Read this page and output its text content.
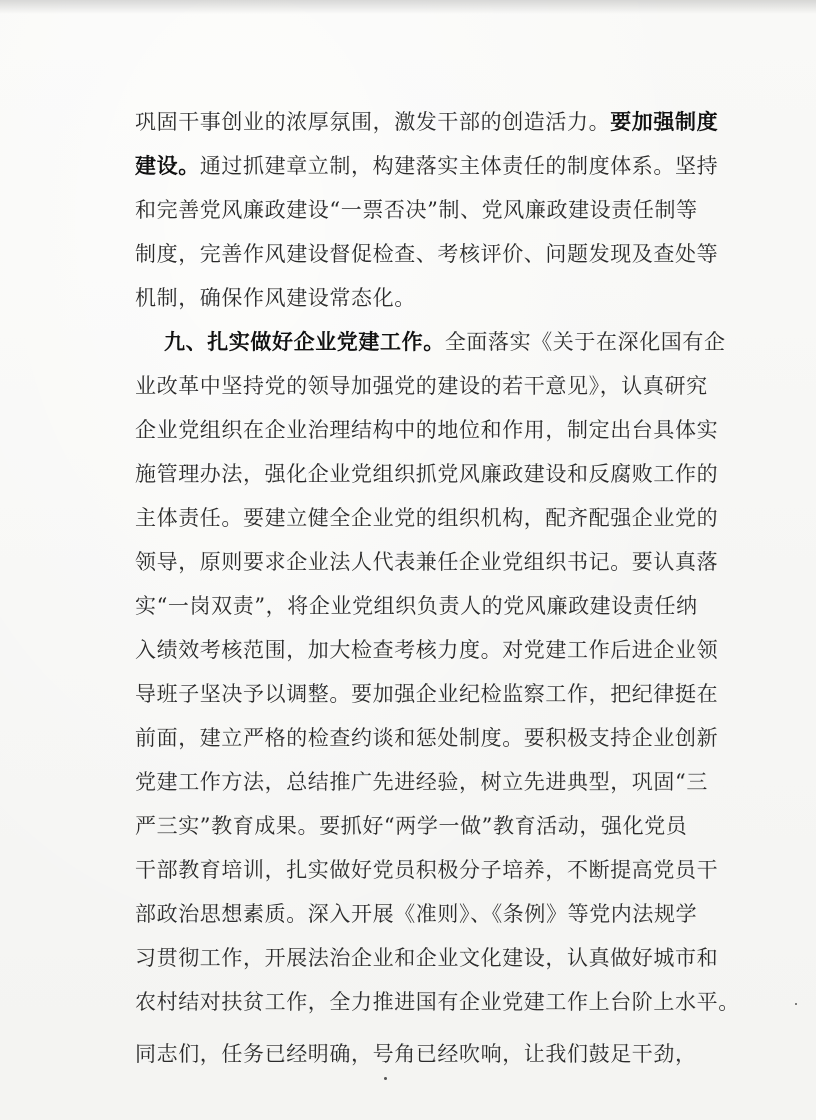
巩固干事创业的浓厚氛围，激发干部的创造活力。要加强制度
建设。通过抓建章立制，构建落实主体责任的制度体系。坚持
和完善党风廉政建设“一票否决”制、党风廉政建设责任制等
制度，完善作风建设督促检查、考核评价、问题发现及查处等
机制，确保作风建设常态化。
九、扎实做好企业党建工作。全面落实《关于在深化国有企
业改革中坚持党的领导加强党的建设的若干意见》，认真研究
企业党组织在企业治理结构中的地位和作用，制定出台具体实
施管理办法，强化企业党组织抓党风廉政建设和反腐败工作的
主体责任。要建立健全企业党的组织机构，配齐配强企业党的
领导，原则要求企业法人代表兼任企业党组织书记。要认真落
实“一岗双责”，将企业党组织负责人的党风廉政建设责任纳
入绩效考核范围，加大检查考核力度。对党建工作后进企业领
导班子坚决予以调整。要加强企业纪检监察工作，把纪律挺在
前面，建立严格的检查约谈和惩处制度。要积极支持企业创新
党建工作方法，总结推广先进经验，树立先进典型，巩固“三
严三实”教育成果。要抓好“两学一做”教育活动，强化党员
干部教育培训，扎实做好党员积极分子培养，不断提高党员干
部政治思想素质。深入开展《准则》、《条例》等党内法规学
习贯彻工作，开展法治企业和企业文化建设，认真做好城市和
农村结对扶贫工作，全力推进国有企业党建工作上台阶上水平。
同志们，任务已经明确，号角已经吹响，让我们鼓足干劲，
